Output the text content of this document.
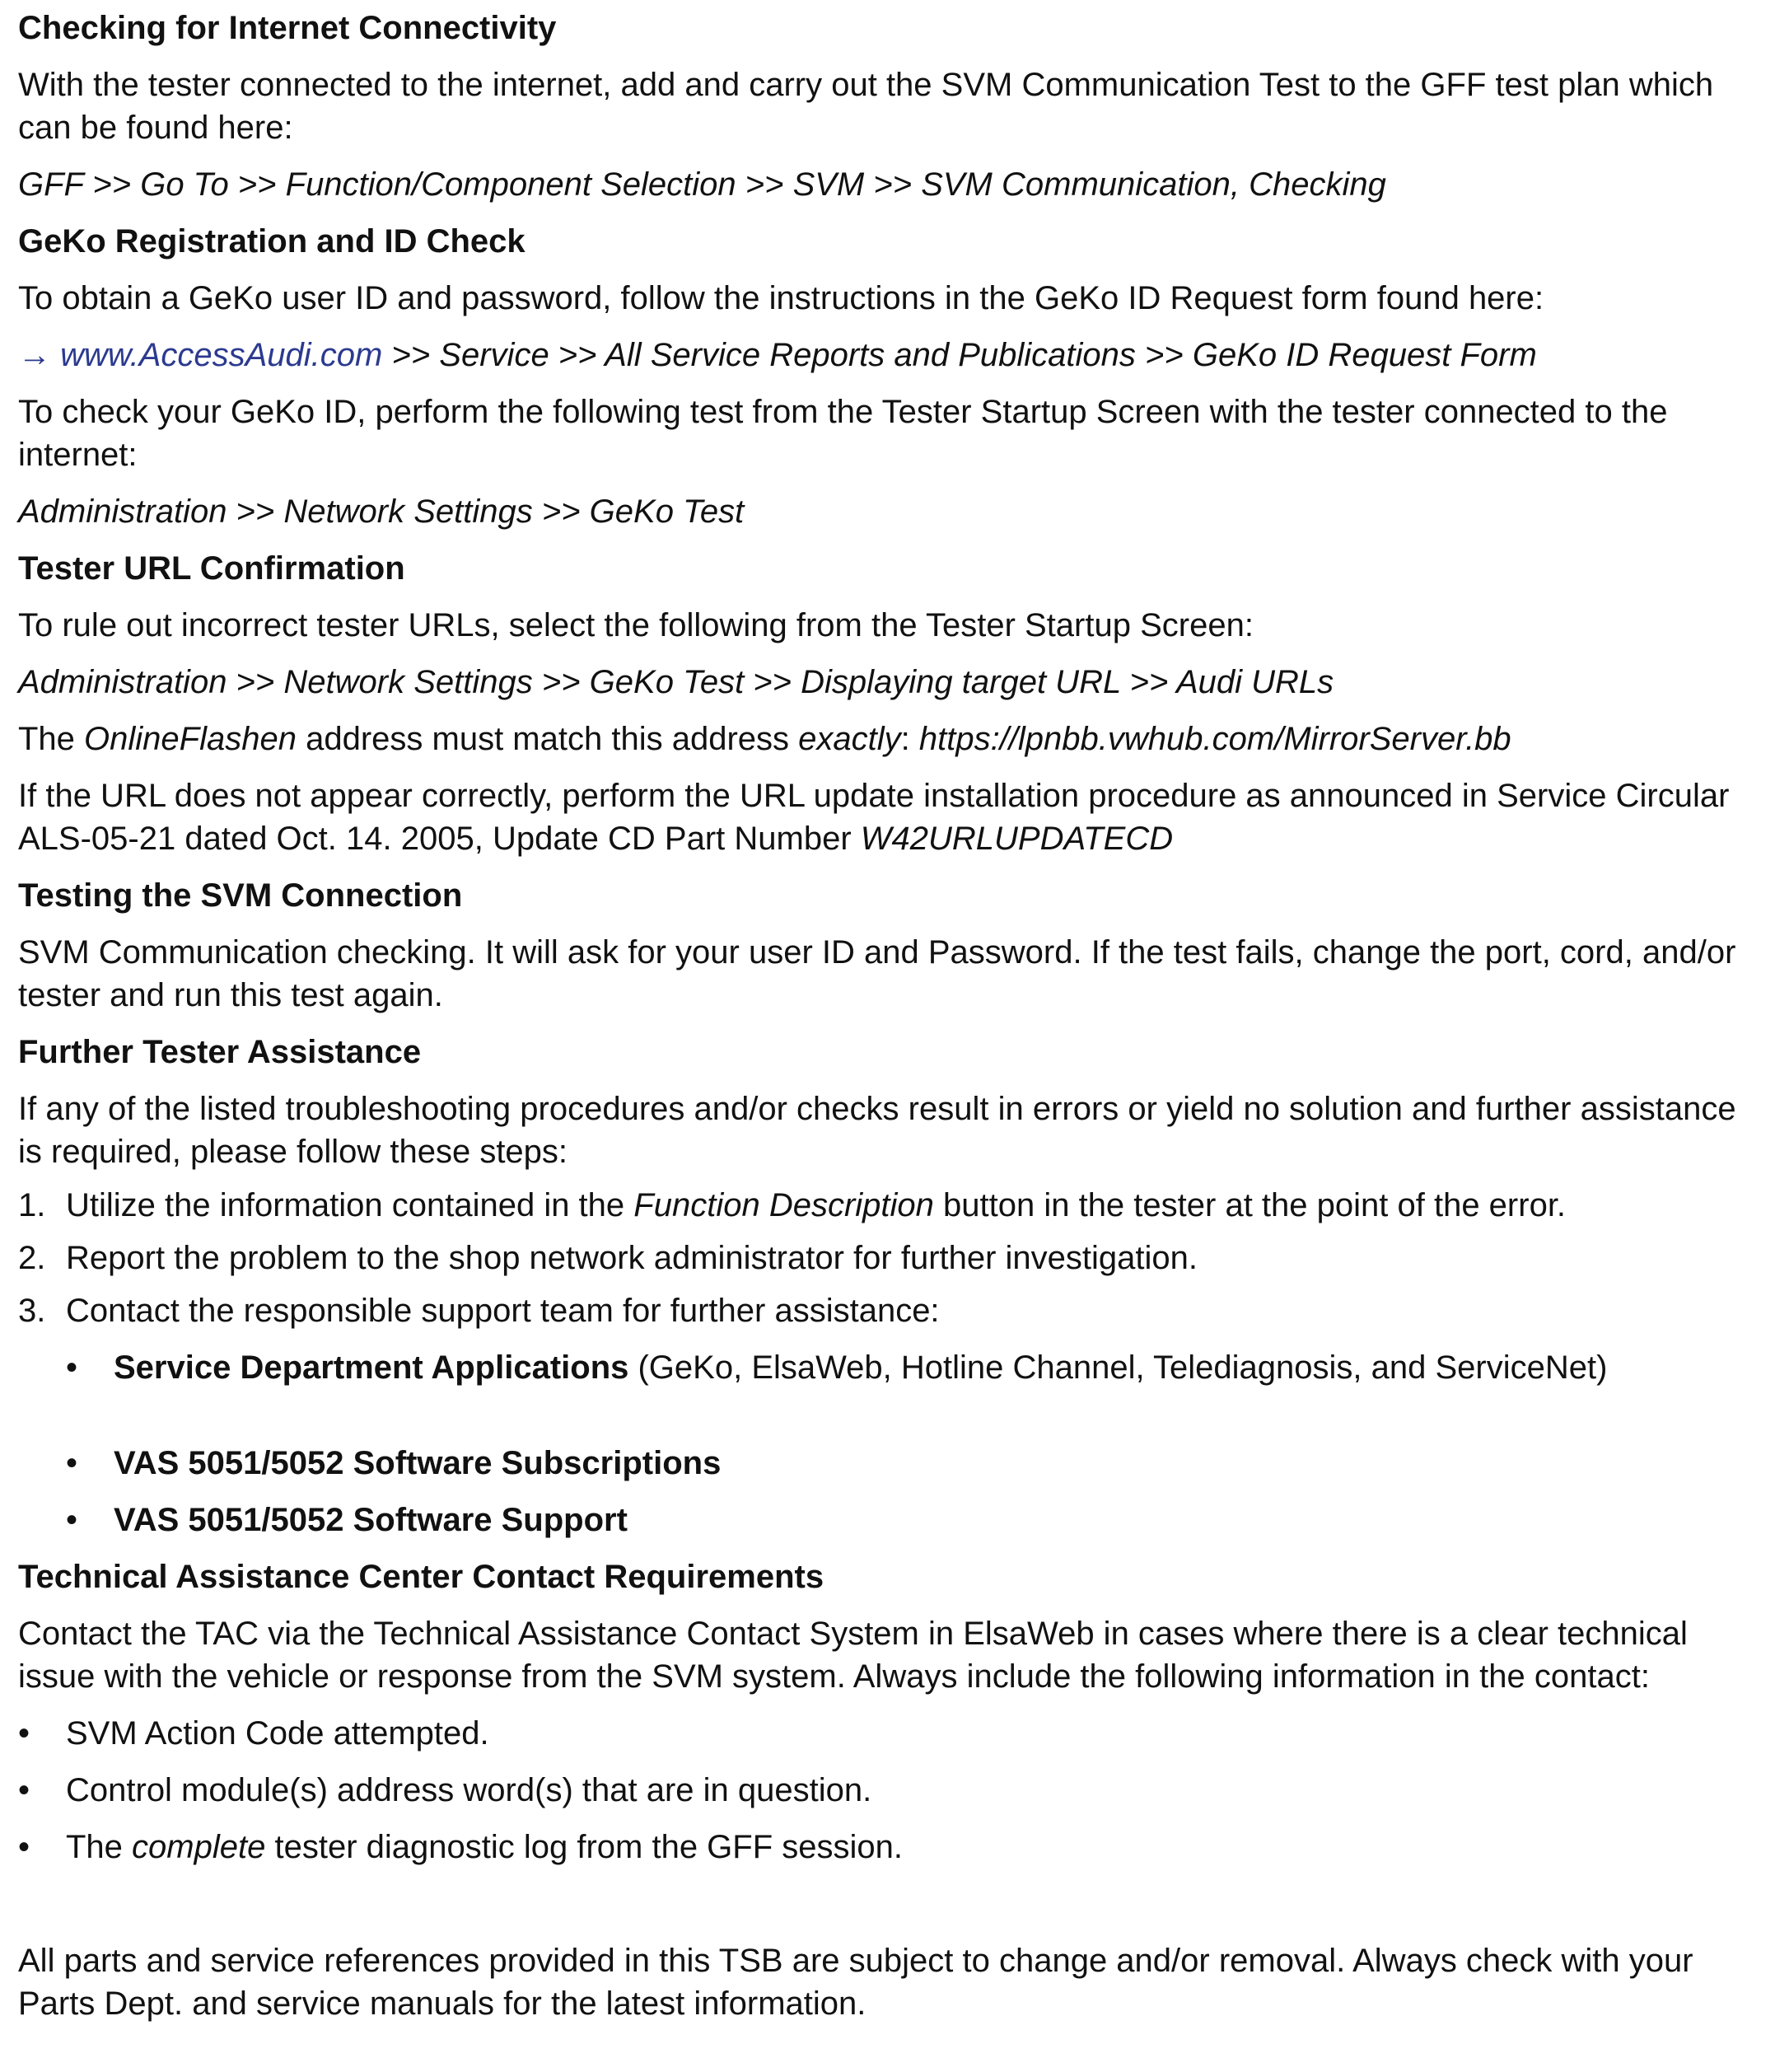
Checking for Internet Connectivity

With the tester connected to the internet, add and carry out the SVM Communication Test to the GFF test plan which can be found here:

GFF >> Go To >> Function/Component Selection >> SVM >> SVM Communication, Checking

GeKo Registration and ID Check

To obtain a GeKo user ID and password, follow the instructions in the GeKo ID Request form found here:

→ www.AccessAudi.com >> Service >> All Service Reports and Publications >> GeKo ID Request Form

To check your GeKo ID, perform the following test from the Tester Startup Screen with the tester connected to the internet:

Administration >> Network Settings >> GeKo Test

Tester URL Confirmation

To rule out incorrect tester URLs, select the following from the Tester Startup Screen:

Administration >> Network Settings >> GeKo Test >> Displaying target URL >> Audi URLs

The OnlineFlashen address must match this address exactly: https://lpnbb.vwhub.com/MirrorServer.bb

If the URL does not appear correctly, perform the URL update installation procedure as announced in Service Circular ALS-05-21 dated Oct. 14. 2005, Update CD Part Number W42URLUPDATECD

Testing the SVM Connection

SVM Communication checking. It will ask for your user ID and Password. If the test fails, change the port, cord, and/or tester and run this test again.

Further Tester Assistance

If any of the listed troubleshooting procedures and/or checks result in errors or yield no solution and further assistance is required, please follow these steps:

1. Utilize the information contained in the Function Description button in the tester at the point of the error.
2. Report the problem to the shop network administrator for further investigation.
3. Contact the responsible support team for further assistance:
•	Service Department Applications (GeKo, ElsaWeb, Hotline Channel, Telediagnosis, and ServiceNet)
•	VAS 5051/5052 Software Subscriptions
•	VAS 5051/5052 Software Support

Technical Assistance Center Contact Requirements

Contact the TAC via the Technical Assistance Contact System in ElsaWeb in cases where there is a clear technical issue with the vehicle or response from the SVM system. Always include the following information in the contact:

•	SVM Action Code attempted.
•	Control module(s) address word(s) that are in question.
•	The complete tester diagnostic log from the GFF session.

All parts and service references provided in this TSB are subject to change and/or removal. Always check with your Parts Dept. and service manuals for the latest information.
